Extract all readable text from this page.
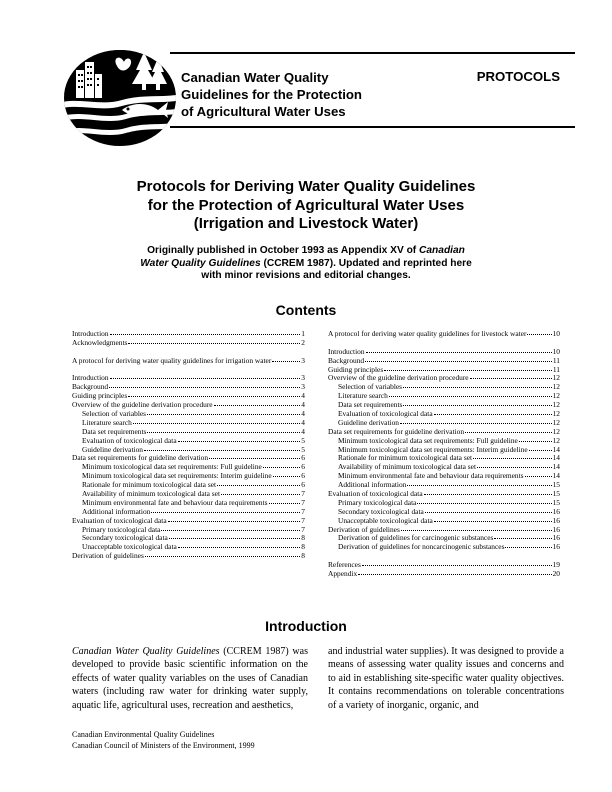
Canadian Water Quality
Guidelines for the Protection
of Agricultural Water Uses
PROTOCOLS
Protocols for Deriving Water Quality Guidelines
for the Protection of Agricultural Water Uses
(Irrigation and Livestock Water)
Originally published in October 1993 as Appendix XV of Canadian
Water Quality Guidelines (CCREM 1987). Updated and reprinted here
with minor revisions and editorial changes.
Contents
Introduction	1
Acknowledgments	2
A protocol for deriving water quality guidelines for irrigation water	3
Introduction	3
Background	3
Guiding principles	4
Overview of the guideline derivation procedure	4
Selection of variables	4
Literature search	4
Data set requirements	4
Evaluation of toxicological data	5
Guideline derivation	5
Data set requirements for guideline derivation	6
Minimum toxicological data set requirements: Full guideline	6
Minimum toxicological data set requirements: Interim guideline	6
Rationale for minimum toxicological data set	6
Availability of minimum toxicological data set	7
Minimum environmental fate and behaviour data requirements	7
Additional information	7
Evaluation of toxicological data	7
Primary toxicological data	7
Secondary toxicological data	8
Unacceptable toxicological data	8
Derivation of guidelines	8
A protocol for deriving water quality guidelines for livestock water	10
Introduction	10
Background	11
Guiding principles	11
Overview of the guideline derivation procedure	12
Selection of variables	12
Literature search	12
Data set requirements	12
Evaluation of toxicological data	12
Guideline derivation	12
Data set requirements for guideline derivation	12
Minimum toxicological data set requirements: Full guideline	12
Minimum toxicological data set requirements: Interim guideline	14
Rationale for minimum toxicological data set	14
Availability of minimum toxicological data set	14
Minimum environmental fate and behaviour data requirements	14
Additional information	15
Evaluation of toxicological data	15
Primary toxicological data	15
Secondary toxicological data	16
Unacceptable toxicological data	16
Derivation of guidelines	16
Derivation of guidelines for carcinogenic substances	16
Derivation of guidelines for noncarcinogenic substances	16
References	19
Appendix	20
Introduction

Canadian Water Quality Guidelines (CCREM 1987) was developed to provide basic scientific information on the effects of water quality variables on the uses of Canadian waters (including raw water for drinking water supply, aquatic life, agricultural uses, recreation and aesthetics,

and industrial water supplies). It was designed to provide a means of assessing water quality issues and concerns and to aid in establishing site-specific water quality objectives. It contains recommendations on tolerable concentrations of a variety of inorganic, organic, and

Canadian Environmental Quality Guidelines
Canadian Council of Ministers of the Environment, 1999
